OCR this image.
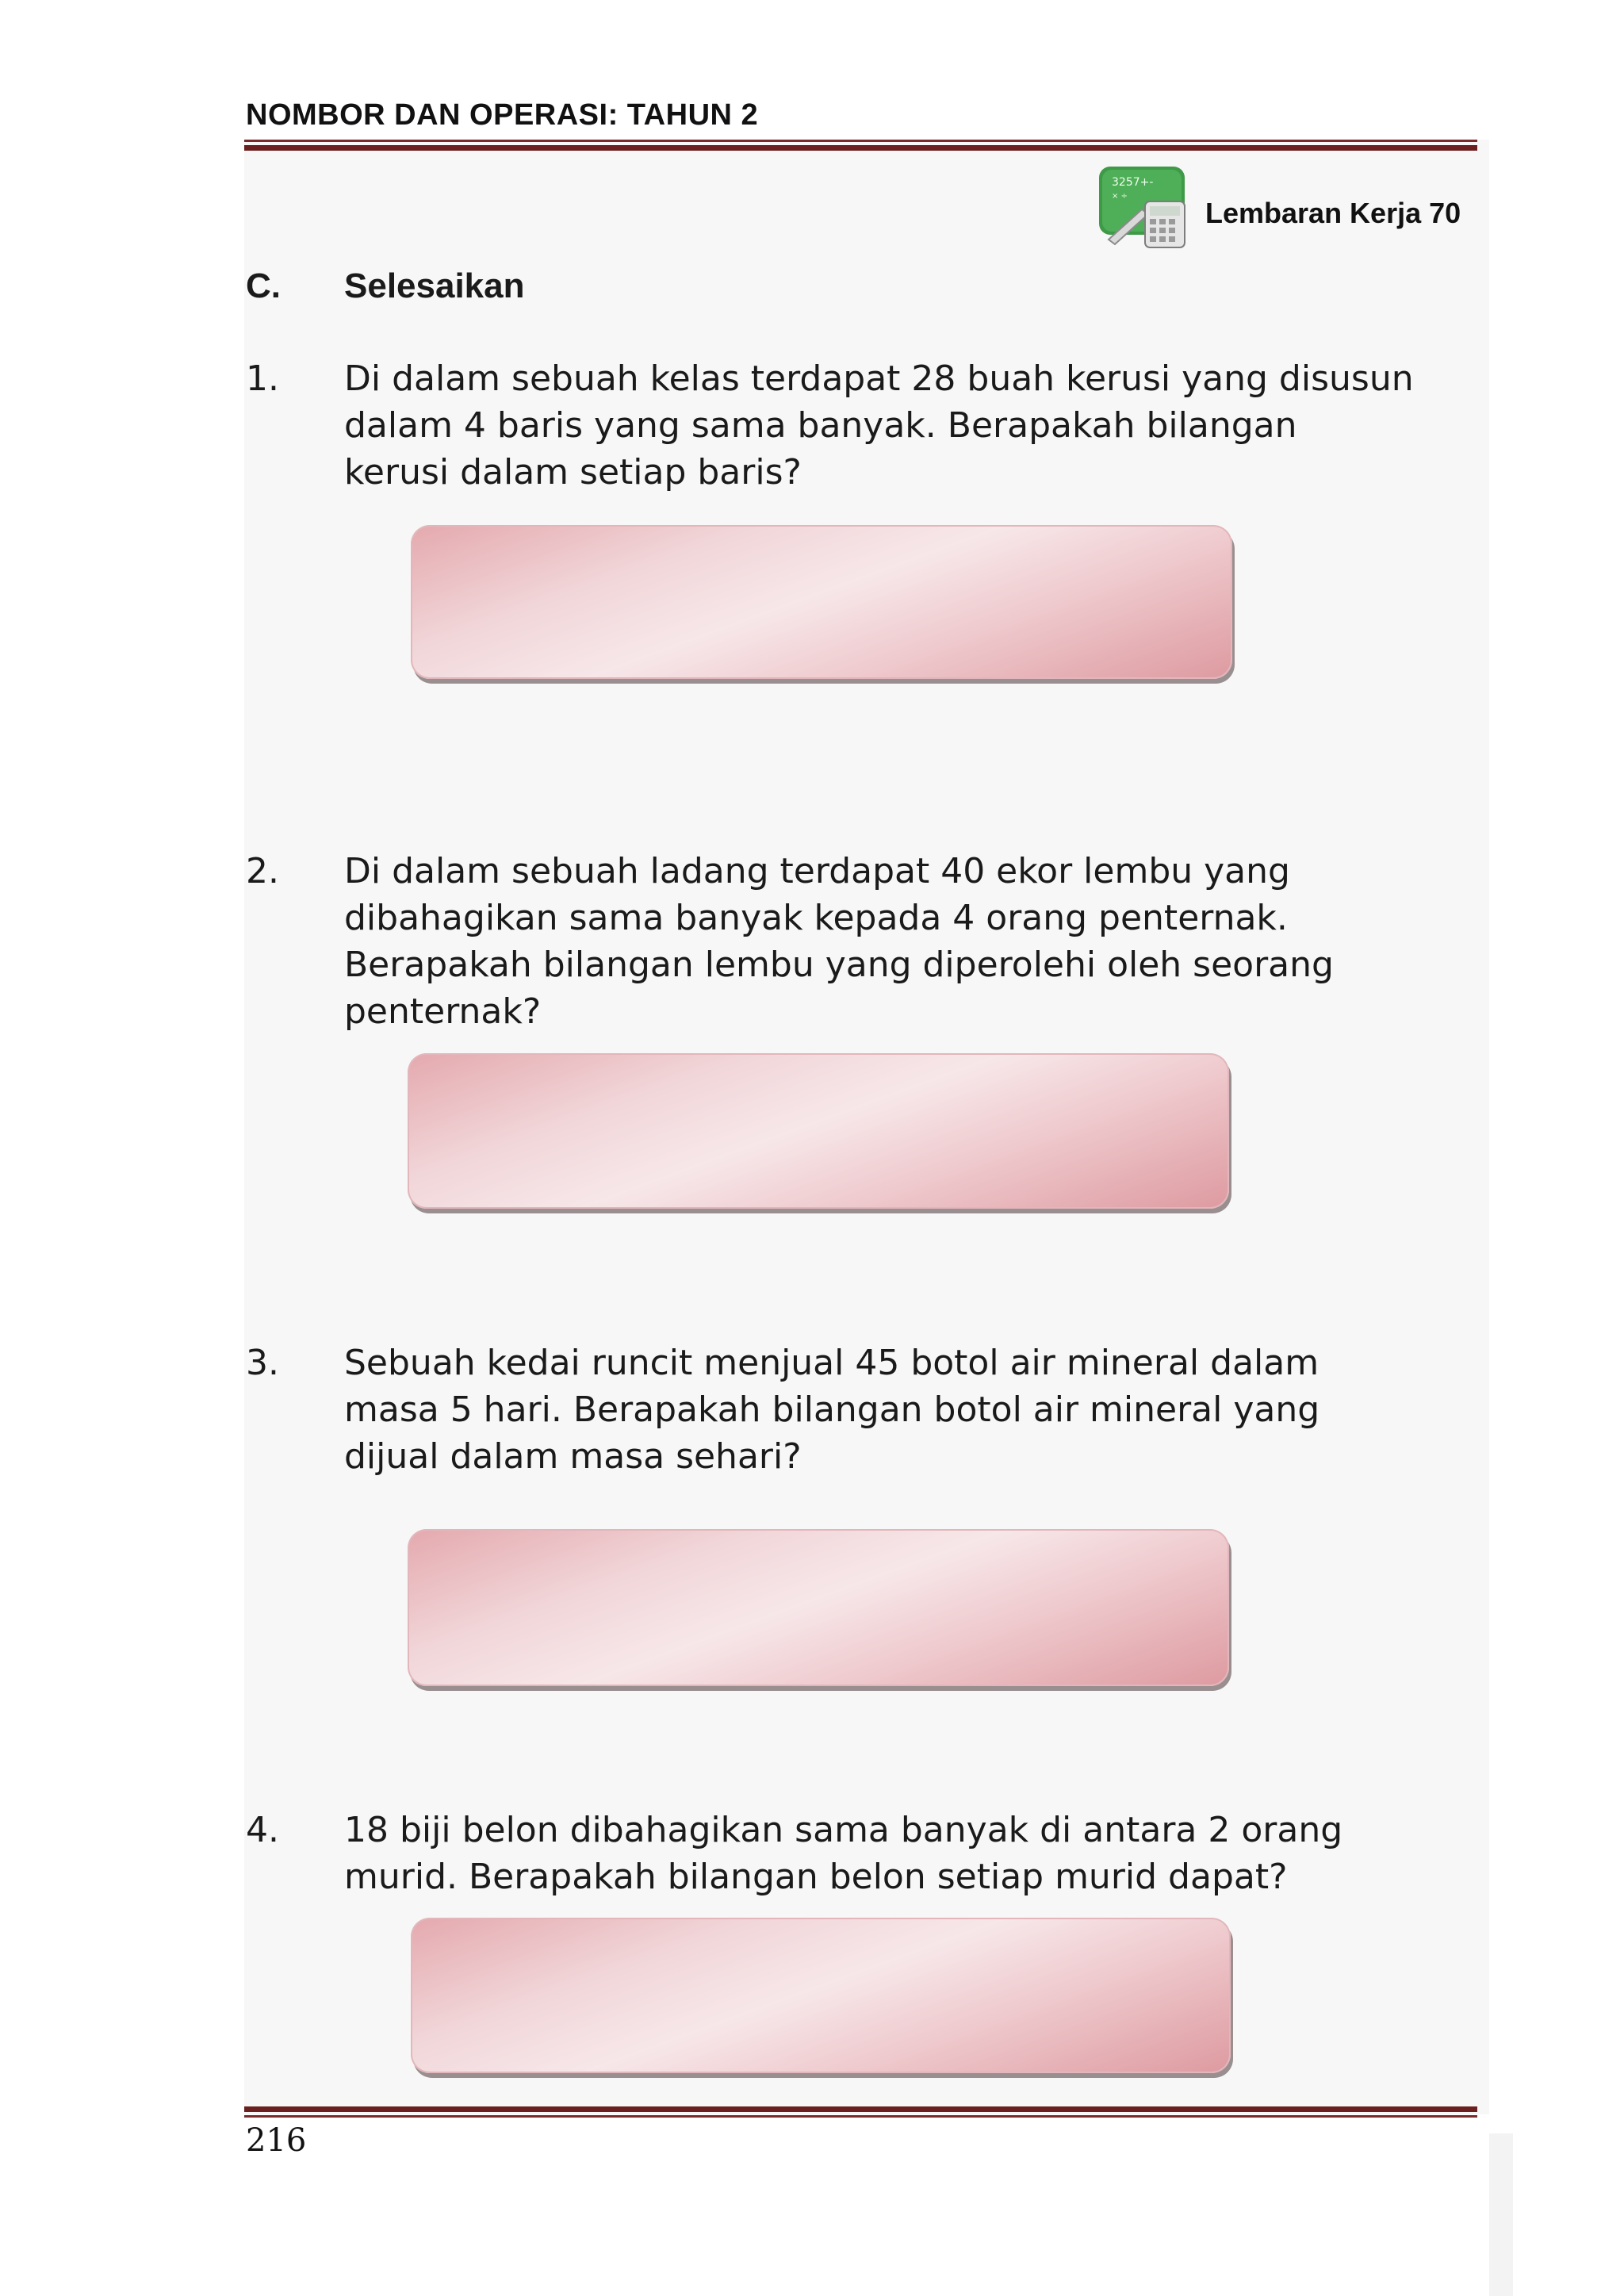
NOMBOR DAN OPERASI: TAHUN 2
3257+-
× ÷
Lembaran Kerja 70
C. Selesaikan
1. Di dalam sebuah kelas terdapat 28 buah kerusi yang disusun
dalam 4 baris yang sama banyak. Berapakah bilangan
kerusi dalam setiap baris?
2. Di dalam sebuah ladang terdapat 40 ekor lembu yang
dibahagikan sama banyak kepada 4 orang penternak.
Berapakah bilangan lembu yang diperolehi oleh seorang
penternak?
3. Sebuah kedai runcit menjual 45 botol air mineral dalam
masa 5 hari. Berapakah bilangan botol air mineral yang
dijual dalam masa sehari?
4. 18 biji belon dibahagikan sama banyak di antara 2 orang
murid. Berapakah bilangan belon setiap murid dapat?
216
